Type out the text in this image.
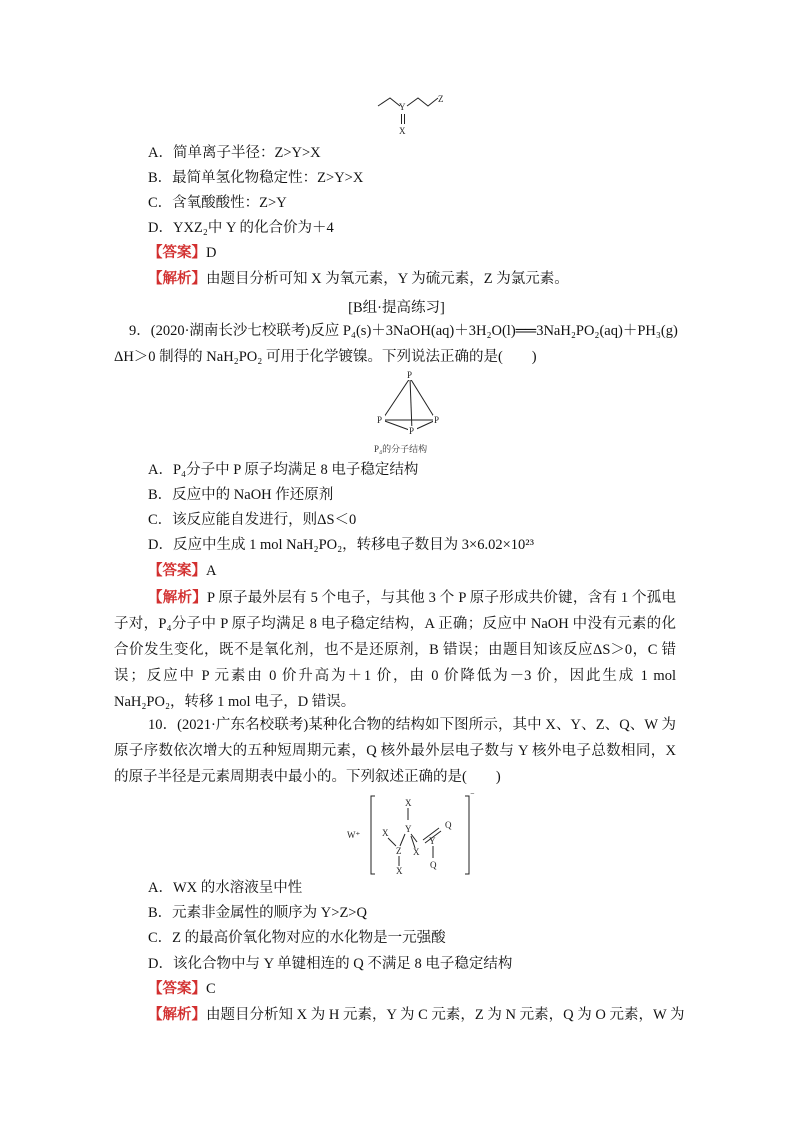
Y
Z
X
A．简单离子半径：Z>Y>X
B．最简单氢化物稳定性：Z>Y>X
C．含氧酸酸性：Z>Y
D．YXZ₂中 Y 的化合价为＋4
【答案】D
【解析】由题目分析可知 X 为氧元素，Y 为硫元素，Z 为氯元素。
[B组·提高练习]
9．(2020·湖南长沙七校联考)反应 P₄(s)＋3NaOH(aq)＋3H₂O(l)══3NaH₂PO₂(aq)＋PH₃(g)
ΔH＞0 制得的 NaH₂PO₂ 可用于化学镀镍。下列说法正确的是(　　)
P
P	P
P
P₄的分子结构
A．P₄分子中 P 原子均满足 8 电子稳定结构
B．反应中的 NaOH 作还原剂
C．该反应能自发进行，则ΔS＜0
D．反应中生成 1 mol NaH₂PO₂，转移电子数目为 3×6.02×10²³
【答案】A
【解析】P 原子最外层有 5 个电子，与其他 3 个 P 原子形成共价键，含有 1 个孤电子对，P₄分子中 P 原子均满足 8 电子稳定结构，A 正确；反应中 NaOH 中没有元素的化合价发生变化，既不是氧化剂，也不是还原剂，B 错误；由题目知该反应ΔS＞0，C 错误；反应中 P 元素由 0 价升高为＋1 价，由 0 价降低为－3 价，因此生成 1 mol NaH₂PO₂，转移 1 mol 电子，D 错误。
10．(2021·广东名校联考)某种化合物的结构如下图所示，其中 X、Y、Z、Q、W 为原子序数依次增大的五种短周期元素，Q 核外最外层电子数与 Y 核外电子总数相同，X 的原子半径是元素周期表中最小的。下列叙述正确的是(　　)
W⁺
⁻
X
Y
X
Z X
Y
Q
Q
X
A．WX 的水溶液呈中性
B．元素非金属性的顺序为 Y>Z>Q
C．Z 的最高价氧化物对应的水化物是一元强酸
D．该化合物中与 Y 单键相连的 Q 不满足 8 电子稳定结构
【答案】C
【解析】由题目分析知 X 为 H 元素，Y 为 C 元素，Z 为 N 元素，Q 为 O 元素，W 为
